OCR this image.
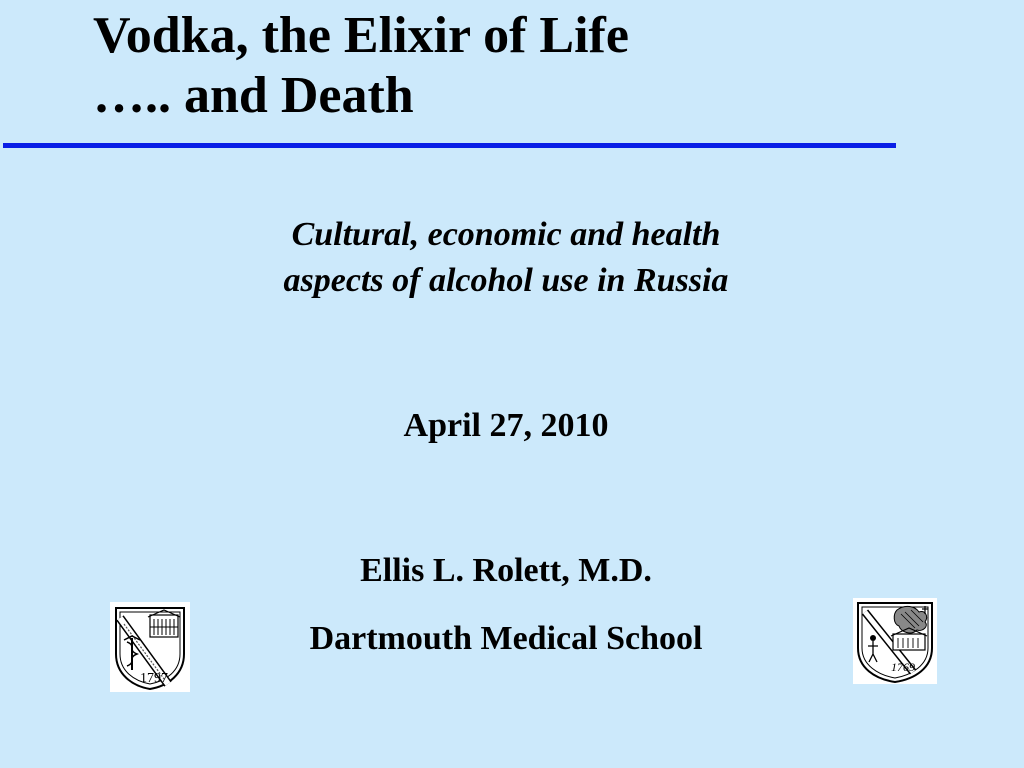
Vodka, the Elixir of Life
….. and Death
Cultural, economic and health
aspects of alcohol use in Russia
April 27, 2010
Ellis L. Rolett, M.D.
Dartmouth Medical School
1797
1769
